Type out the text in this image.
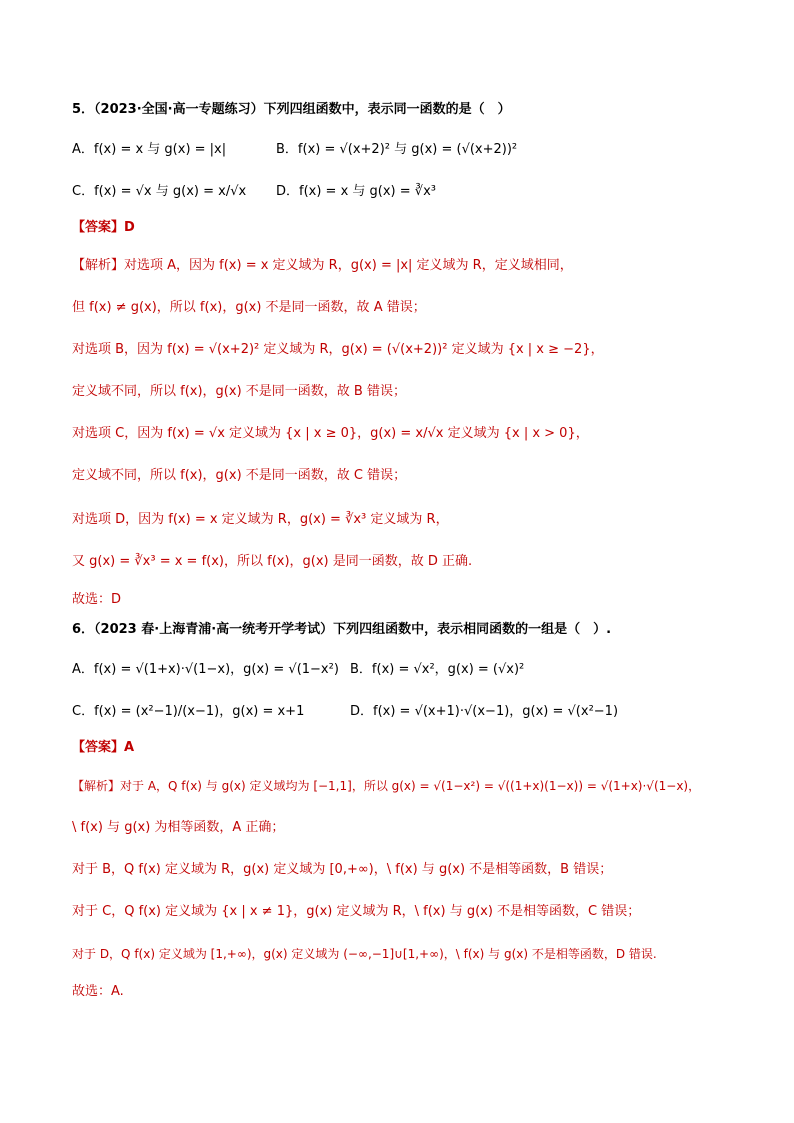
5．（2023·全国·高一专题练习）下列四组函数中，表示同一函数的是（　）
A．f(x) = x 与 g(x) = |x|	B．f(x) = √(x+2)² 与 g(x) = (√(x+2))²
C．f(x) = √x 与 g(x) = x/√x D．f(x) = x 与 g(x) = ∛x³
【答案】D
【解析】对选项 A，因为 f(x) = x 定义域为 R，g(x) = |x| 定义域为 R，定义域相同，
但 f(x) ≠ g(x)，所以 f(x)，g(x) 不是同一函数，故 A 错误；
对选项 B，因为 f(x) = √(x+2)² 定义域为 R，g(x) = (√(x+2))² 定义域为 {x | x ≥ −2}，
定义域不同，所以 f(x)，g(x) 不是同一函数，故 B 错误；
对选项 C，因为 f(x) = √x 定义域为 {x | x ≥ 0}，g(x) = x/√x 定义域为 {x | x > 0}，
定义域不同，所以 f(x)，g(x) 不是同一函数，故 C 错误；
对选项 D，因为 f(x) = x 定义域为 R，g(x) = ∛x³ 定义域为 R，
又 g(x) = ∛x³ = x = f(x)，所以 f(x)，g(x) 是同一函数，故 D 正确.
故选：D
6．（2023 春·上海青浦·高一统考开学考试）下列四组函数中，表示相同函数的一组是（　）.
A．f(x) = √(1+x)·√(1−x)，g(x) = √(1−x²) B．f(x) = √x²，g(x) = (√x)²
C．f(x) = (x²−1)/(x−1)，g(x) = x+1	D．f(x) = √(x+1)·√(x−1)，g(x) = √(x²−1)
【答案】A
【解析】对于 A，Q f(x) 与 g(x) 定义域均为 [−1,1]，所以 g(x) = √(1−x²) = √((1+x)(1−x)) = √(1+x)·√(1−x)，
\ f(x) 与 g(x) 为相等函数，A 正确；
对于 B，Q f(x) 定义域为 R，g(x) 定义域为 [0,+∞)，\ f(x) 与 g(x) 不是相等函数，B 错误；
对于 C，Q f(x) 定义域为 {x | x ≠ 1}，g(x) 定义域为 R，\ f(x) 与 g(x) 不是相等函数，C 错误；
对于 D，Q f(x) 定义域为 [1,+∞)，g(x) 定义域为 (−∞,−1]∪[1,+∞)，\ f(x) 与 g(x) 不是相等函数，D 错误.
故选：A.
